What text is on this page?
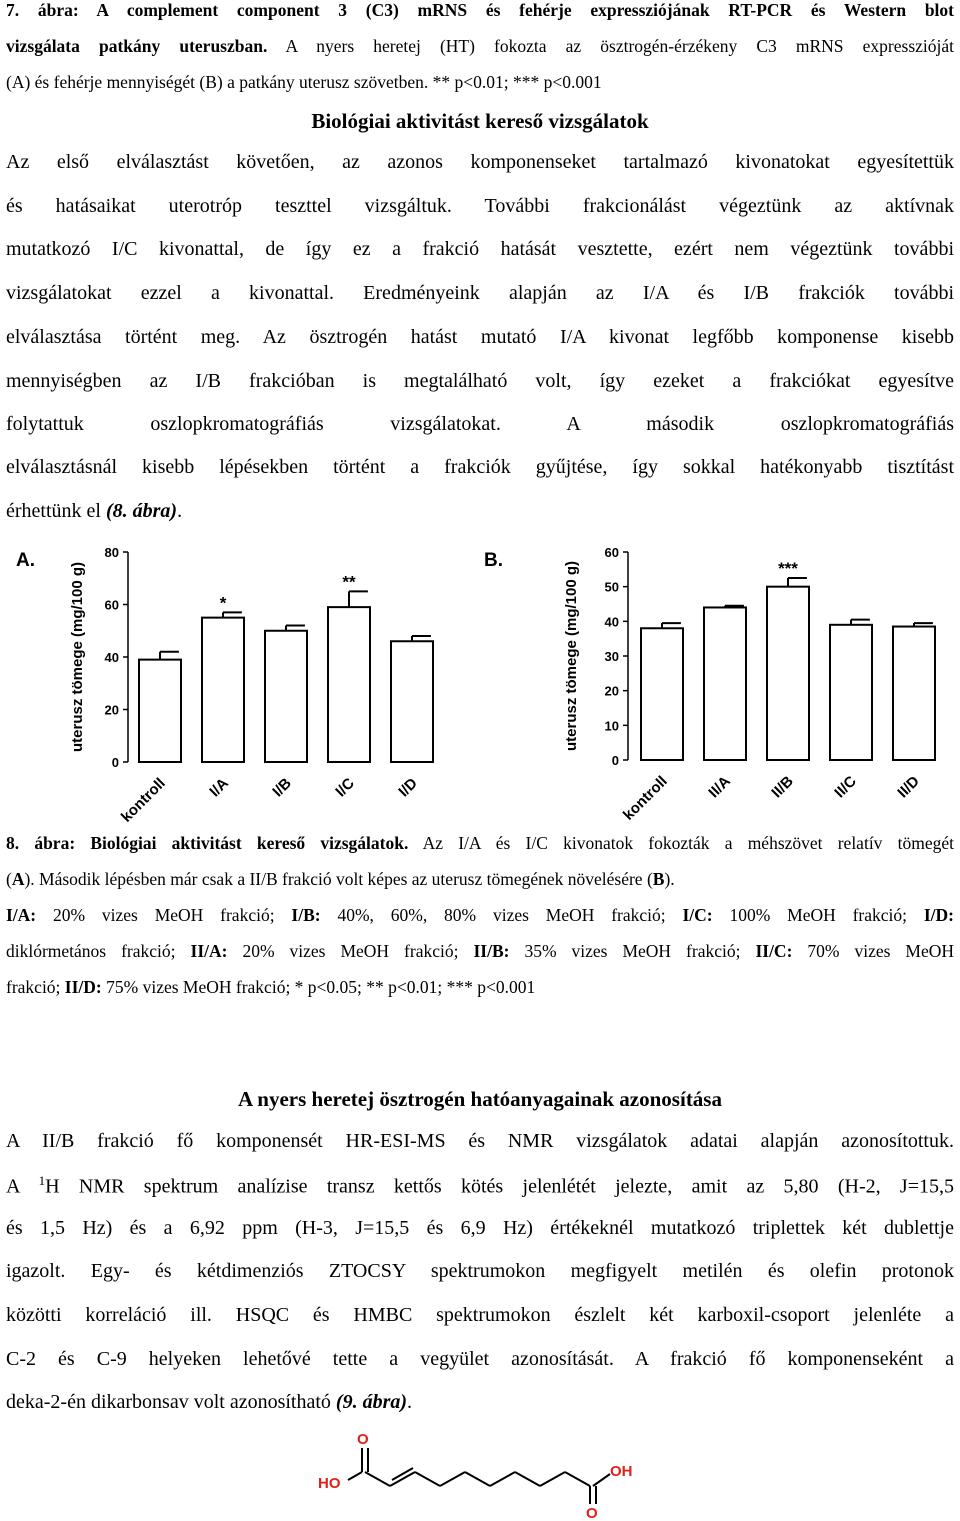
7. ábra: A complement component 3 (C3) mRNS és fehérje expressziójának RT-PCR és Western blot
vizsgálata patkány uteruszban. A nyers heretej (HT) fokozta az ösztrogén-érzékeny C3 mRNS expresszióját
(A) és fehérje mennyiségét (B) a patkány uterusz szövetben. ** p<0.01; *** p<0.001
Biológiai aktivitást kereső vizsgálatok
Az első elválasztást követően, az azonos komponenseket tartalmazó kivonatokat egyesítettük
és hatásaikat uterotróp teszttel vizsgáltuk. További frakcionálást végeztünk az aktívnak
mutatkozó I/C kivonattal, de így ez a frakció hatását vesztette, ezért nem végeztünk további
vizsgálatokat ezzel a kivonattal. Eredményeink alapján az I/A és I/B frakciók további
elválasztása történt meg. Az ösztrogén hatást mutató I/A kivonat legfőbb komponense kisebb
mennyiségben az I/B frakcióban is megtalálható volt, így ezeket a frakciókat egyesítve
folytattuk oszlopkromatográfiás vizsgálatokat. A második oszlopkromatográfiás
elválasztásnál kisebb lépésekben történt a frakciók gyűjtése, így sokkal hatékonyabb tisztítást
érhettünk el (8. ábra).
A.
uterusz tömege (mg/100 g)
0
20
40
60
80
kontroll
*
I/A I/B
**
I/C I/D
B.
uterusz tömege (mg/100 g)
0
10
20
30
40
50
60
kontroll II/A
***
II/B II/C II/D
8. ábra: Biológiai aktivitást kereső vizsgálatok. Az I/A és I/C kivonatok fokozták a méhszövet relatív tömegét
(A). Második lépésben már csak a II/B frakció volt képes az uterusz tömegének növelésére (B).
I/A: 20% vizes MeOH frakció; I/B: 40%, 60%, 80% vizes MeOH frakció; I/C: 100% MeOH frakció; I/D:
diklórmetános frakció; II/A: 20% vizes MeOH frakció; II/B: 35% vizes MeOH frakció; II/C: 70% vizes MeOH
frakció; II/D: 75% vizes MeOH frakció; * p<0.05; ** p<0.01; *** p<0.001
A nyers heretej ösztrogén hatóanyagainak azonosítása
A II/B frakció fő komponensét HR-ESI-MS és NMR vizsgálatok adatai alapján azonosítottuk.
A $^1$H NMR spektrum analízise transz kettős kötés jelenlétét jelezte, amit az 5,80 (H-2, J=15,5
és 1,5 Hz) és a 6,92 ppm (H-3, J=15,5 és 6,9 Hz) értékeknél mutatkozó triplettek két dublettje
igazolt. Egy- és kétdimenziós ZTOCSY spektrumokon megfigyelt metilén és olefin protonok
közötti korreláció ill. HSQC és HMBC spektrumokon észlelt két karboxil-csoport jelenléte a
C-2 és C-9 helyeken lehetővé tette a vegyület azonosítását. A frakció fő komponenseként a
deka-2-én dikarbonsav volt azonosítható (9. ábra).
HO
O
OH
O
